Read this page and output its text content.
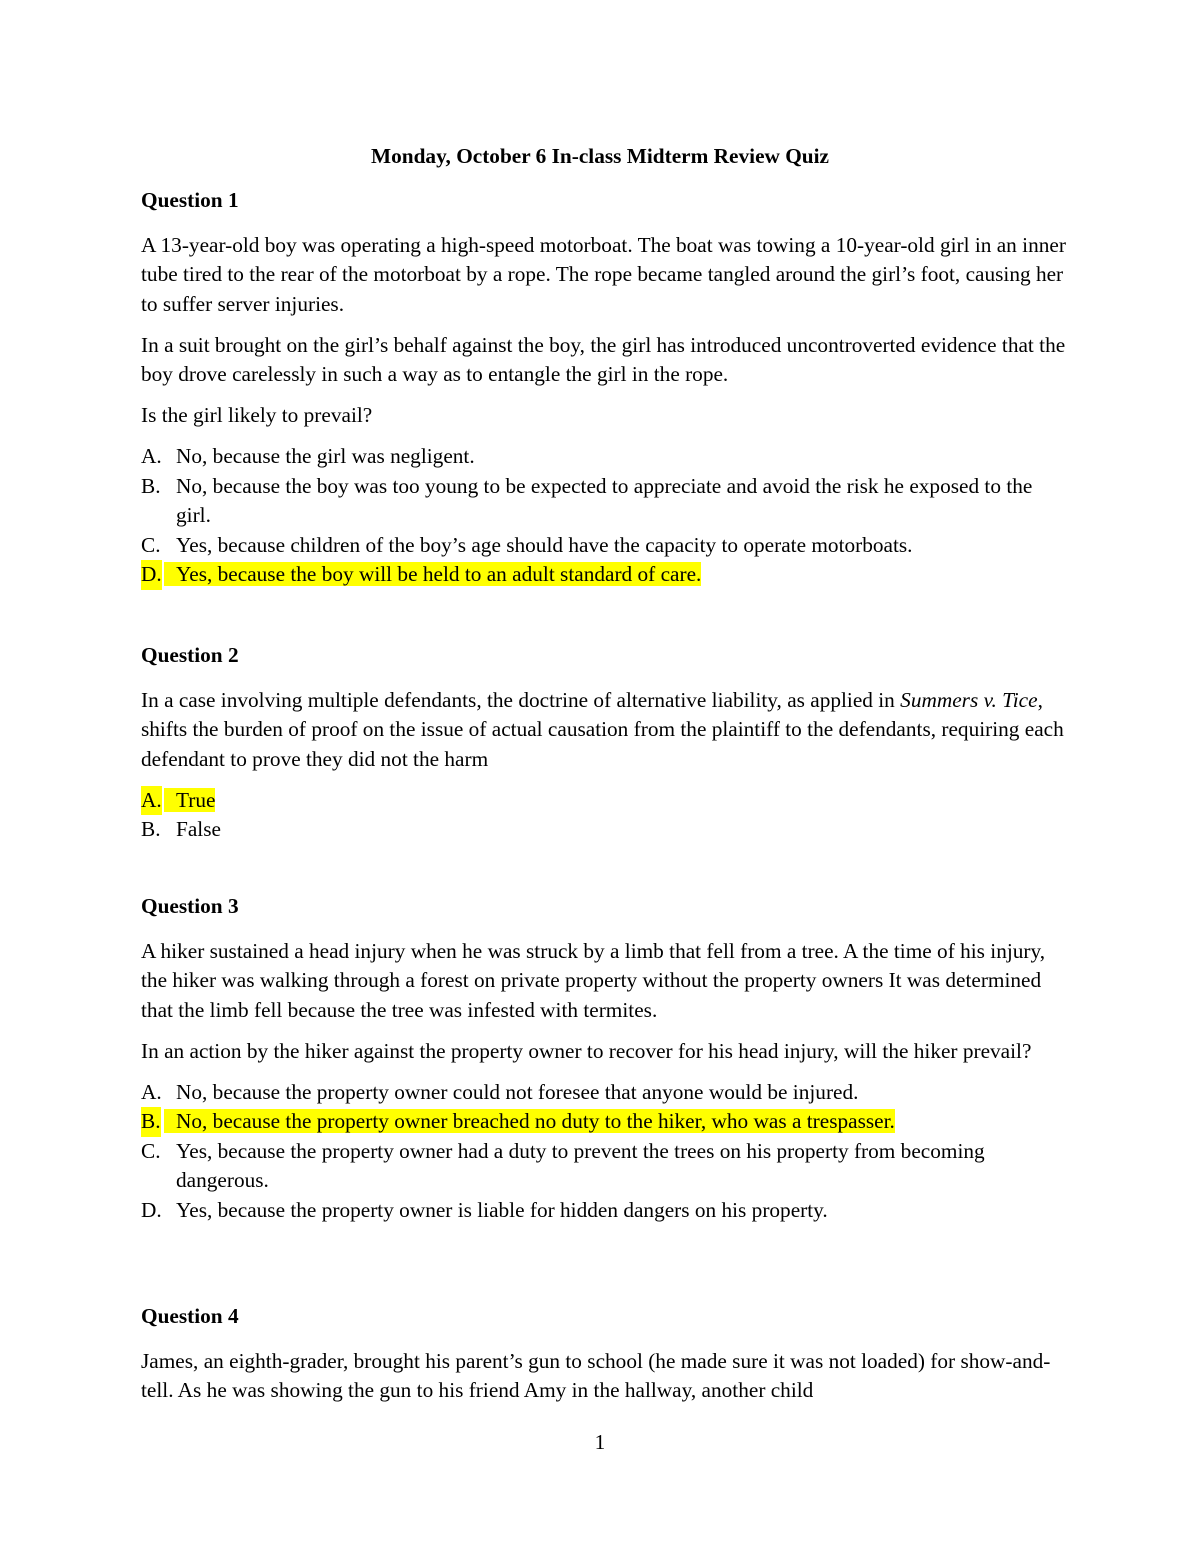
Monday, October 6 In-class Midterm Review Quiz
Question 1

A 13-year-old boy was operating a high-speed motorboat. The boat was towing a 10-year-old girl in an inner tube tired to the rear of the motorboat by a rope. The rope became tangled around the girl’s foot, causing her to suffer server injuries.

In a suit brought on the girl’s behalf against the boy, the girl has introduced uncontroverted evidence that the boy drove carelessly in such a way as to entangle the girl in the rope.

Is the girl likely to prevail?

A. No, because the girl was negligent.
B. No, because the boy was too young to be expected to appreciate and avoid the risk he exposed to the girl.
C. Yes, because children of the boy’s age should have the capacity to operate motorboats.
D. Yes, because the boy will be held to an adult standard of care.
Question 2

In a case involving multiple defendants, the doctrine of alternative liability, as applied in Summers v. Tice, shifts the burden of proof on the issue of actual causation from the plaintiff to the defendants, requiring each defendant to prove they did not the harm

A. True
B. False
Question 3

A hiker sustained a head injury when he was struck by a limb that fell from a tree. A the time of his injury, the hiker was walking through a forest on private property without the property owners It was determined that the limb fell because the tree was infested with termites.

In an action by the hiker against the property owner to recover for his head injury, will the hiker prevail?

A. No, because the property owner could not foresee that anyone would be injured.
B. No, because the property owner breached no duty to the hiker, who was a trespasser.
C. Yes, because the property owner had a duty to prevent the trees on his property from becoming dangerous.
D. Yes, because the property owner is liable for hidden dangers on his property.
Question 4

James, an eighth-grader, brought his parent’s gun to school (he made sure it was not loaded) for show-and-tell. As he was showing the gun to his friend Amy in the hallway, another child

1
